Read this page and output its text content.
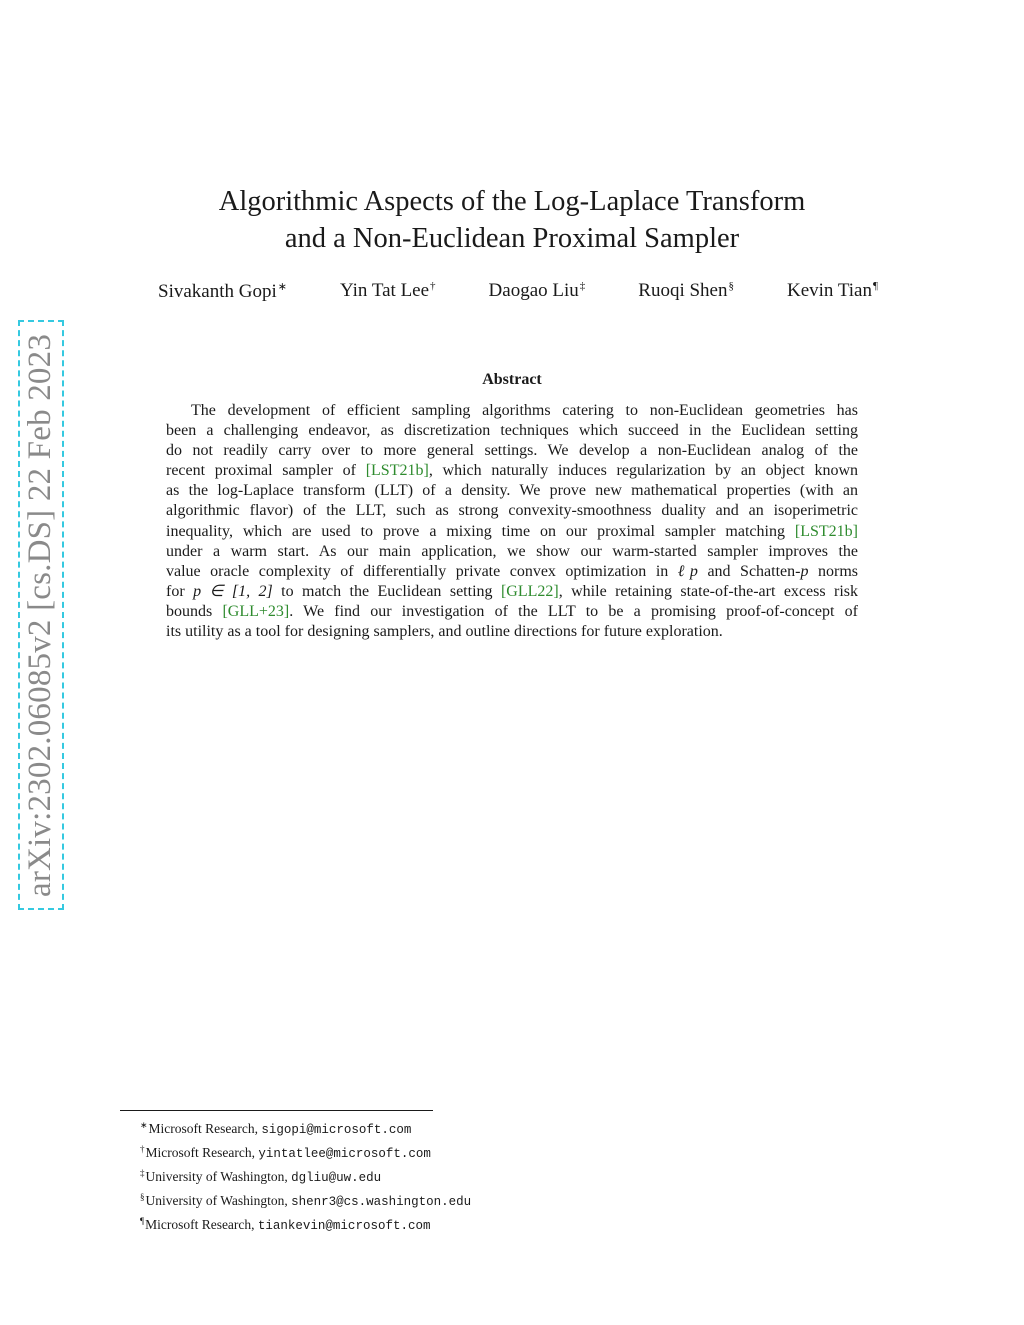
arXiv:2302.06085v2 [cs.DS] 22 Feb 2023
Algorithmic Aspects of the Log-Laplace Transform
and a Non-Euclidean Proximal Sampler
Sivakanth Gopi∗	Yin Tat Lee†	Daogao Liu‡	Ruoqi Shen§	Kevin Tian¶
Abstract
The development of efficient sampling algorithms catering to non-Euclidean geometries has
been a challenging endeavor, as discretization techniques which succeed in the Euclidean setting
do not readily carry over to more general settings. We develop a non-Euclidean analog of the
recent proximal sampler of [LST21b], which naturally induces regularization by an object known
as the log-Laplace transform (LLT) of a density. We prove new mathematical properties (with an
algorithmic flavor) of the LLT, such as strong convexity-smoothness duality and an isoperimetric
inequality, which are used to prove a mixing time on our proximal sampler matching [LST21b]
under a warm start. As our main application, we show our warm-started sampler improves the
value oracle complexity of differentially private convex optimization in ℓp and Schatten-p norms
for p ∈ [1, 2] to match the Euclidean setting [GLL22], while retaining state-of-the-art excess risk
bounds [GLL+23]. We find our investigation of the LLT to be a promising proof-of-concept of
its utility as a tool for designing samplers, and outline directions for future exploration.
∗Microsoft Research, sigopi@microsoft.com
†Microsoft Research, yintatlee@microsoft.com
‡University of Washington, dgliu@uw.edu
§University of Washington, shenr3@cs.washington.edu
¶Microsoft Research, tiankevin@microsoft.com
